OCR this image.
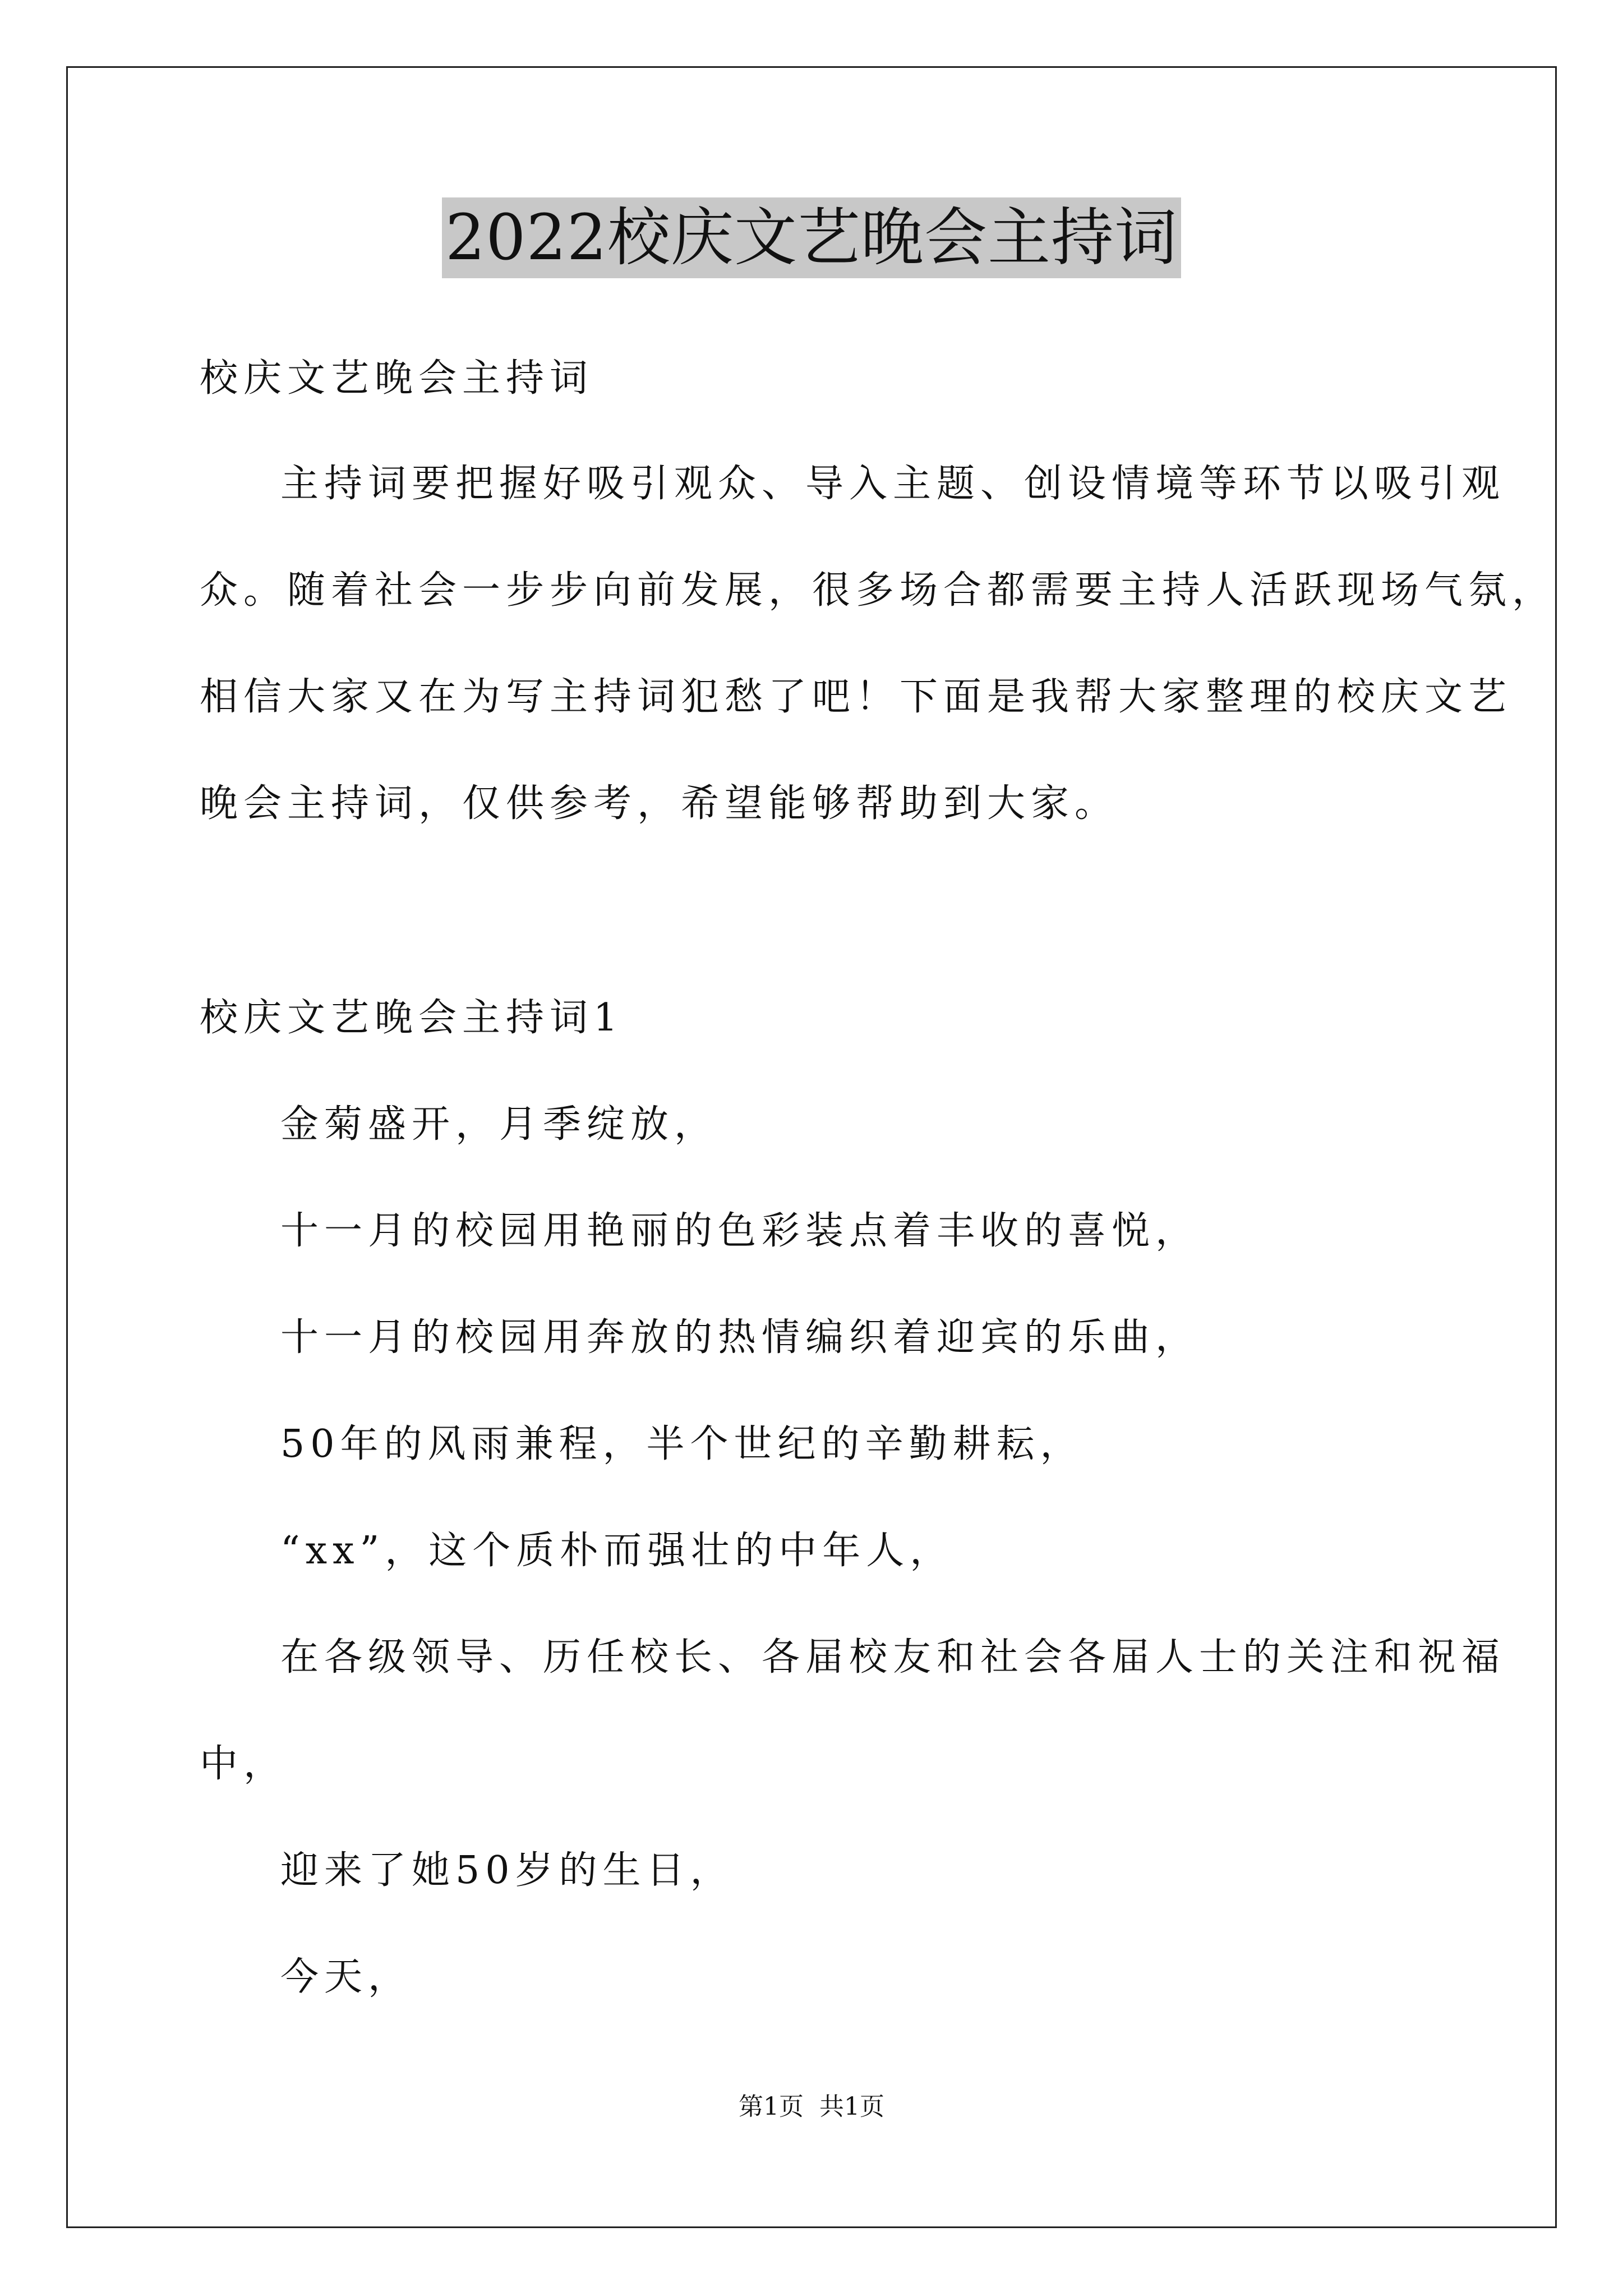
2022校庆文艺晚会主持词
校庆文艺晚会主持词
主持词要把握好吸引观众、导入主题、创设情境等环节以吸引观
众。随着社会一步步向前发展，很多场合都需要主持人活跃现场气氛，
相信大家又在为写主持词犯愁了吧！下面是我帮大家整理的校庆文艺
晚会主持词，仅供参考，希望能够帮助到大家。
校庆文艺晚会主持词1
金菊盛开，月季绽放，
十一月的校园用艳丽的色彩装点着丰收的喜悦，
十一月的校园用奔放的热情编织着迎宾的乐曲，
50年的风雨兼程，半个世纪的辛勤耕耘，
“xx”，这个质朴而强壮的中年人，
在各级领导、历任校长、各届校友和社会各届人士的关注和祝福
中，
迎来了她50岁的生日，
今天，
第1页  共1页
